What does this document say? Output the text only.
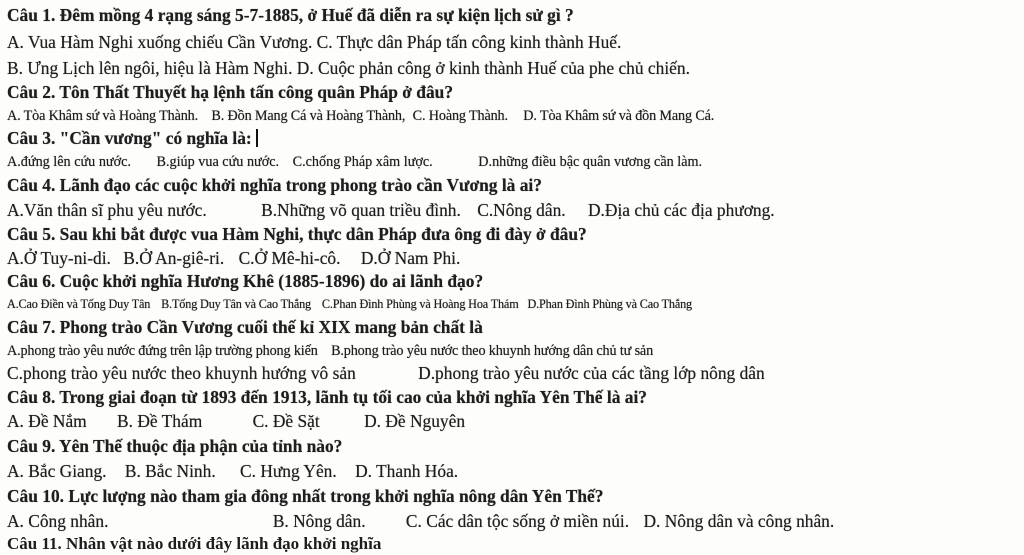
Câu 1. Đêm mồng 4 rạng sáng 5-7-1885, ở Huế đã diễn ra sự kiện lịch sử gì ?
A. Vua Hàm Nghi xuống chiếu Cần Vương. C. Thực dân Pháp tấn công kinh thành Huế.
B. Ưng Lịch lên ngôi, hiệu là Hàm Nghi. D. Cuộc phản công ở kinh thành Huế của phe chủ chiến.
Câu 2. Tôn Thất Thuyết hạ lệnh tấn công quân Pháp ở đâu?
A. Tòa Khâm sứ và Hoàng Thành. B. Đồn Mang Cá và Hoàng Thành, C. Hoàng Thành. D. Tòa Khâm sứ và đồn Mang Cá.
Câu 3. "Cần vương" có nghĩa là:
A.đứng lên cứu nước. B.giúp vua cứu nước. C.chống Pháp xâm lược.	D.những điều bậc quân vương cần làm.
Câu 4. Lãnh đạo các cuộc khởi nghĩa trong phong trào cần Vương là ai?
A.Văn thân sĩ phu yêu nước.	B.Những võ quan triều đình. C.Nông dân. D.Địa chủ các địa phương.
Câu 5. Sau khi bắt được vua Hàm Nghi, thực dân Pháp đưa ông đi đày ở đâu?
A.Ở Tuy-ni-di. B.Ở An-giê-ri. C.Ở Mê-hi-cô. D.Ở Nam Phi.
Câu 6. Cuộc khởi nghĩa Hương Khê (1885-1896) do ai lãnh đạo?
A.Cao Điền và Tống Duy Tân B.Tống Duy Tân và Cao Thắng C.Phan Đình Phùng và Hoàng Hoa Thám D.Phan Đình Phùng và Cao Thắng
Câu 7. Phong trào Cần Vương cuối thế kỉ XIX mang bản chất là
A.phong trào yêu nước đứng trên lập trường phong kiến B.phong trào yêu nước theo khuynh hướng dân chủ tư sản
C.phong trào yêu nước theo khuynh hướng vô sản	D.phong trào yêu nước của các tầng lớp nông dân
Câu 8. Trong giai đoạn từ 1893 đến 1913, lãnh tụ tối cao của khởi nghĩa Yên Thế là ai?
A. Đề Nắm B. Đề Thám	C. Đề Sặt	D. Đề Nguyên
Câu 9. Yên Thế thuộc địa phận của tỉnh nào?
A. Bắc Giang. B. Bắc Ninh. C. Hưng Yên. D. Thanh Hóa.
Câu 10. Lực lượng nào tham gia đông nhất trong khởi nghĩa nông dân Yên Thế?
A. Công nhân.	B. Nông dân. C. Các dân tộc sống ở miền núi. D. Nông dân và công nhân.
Câu 11. Nhân vật nào dưới đây lãnh đạo khởi nghĩa
